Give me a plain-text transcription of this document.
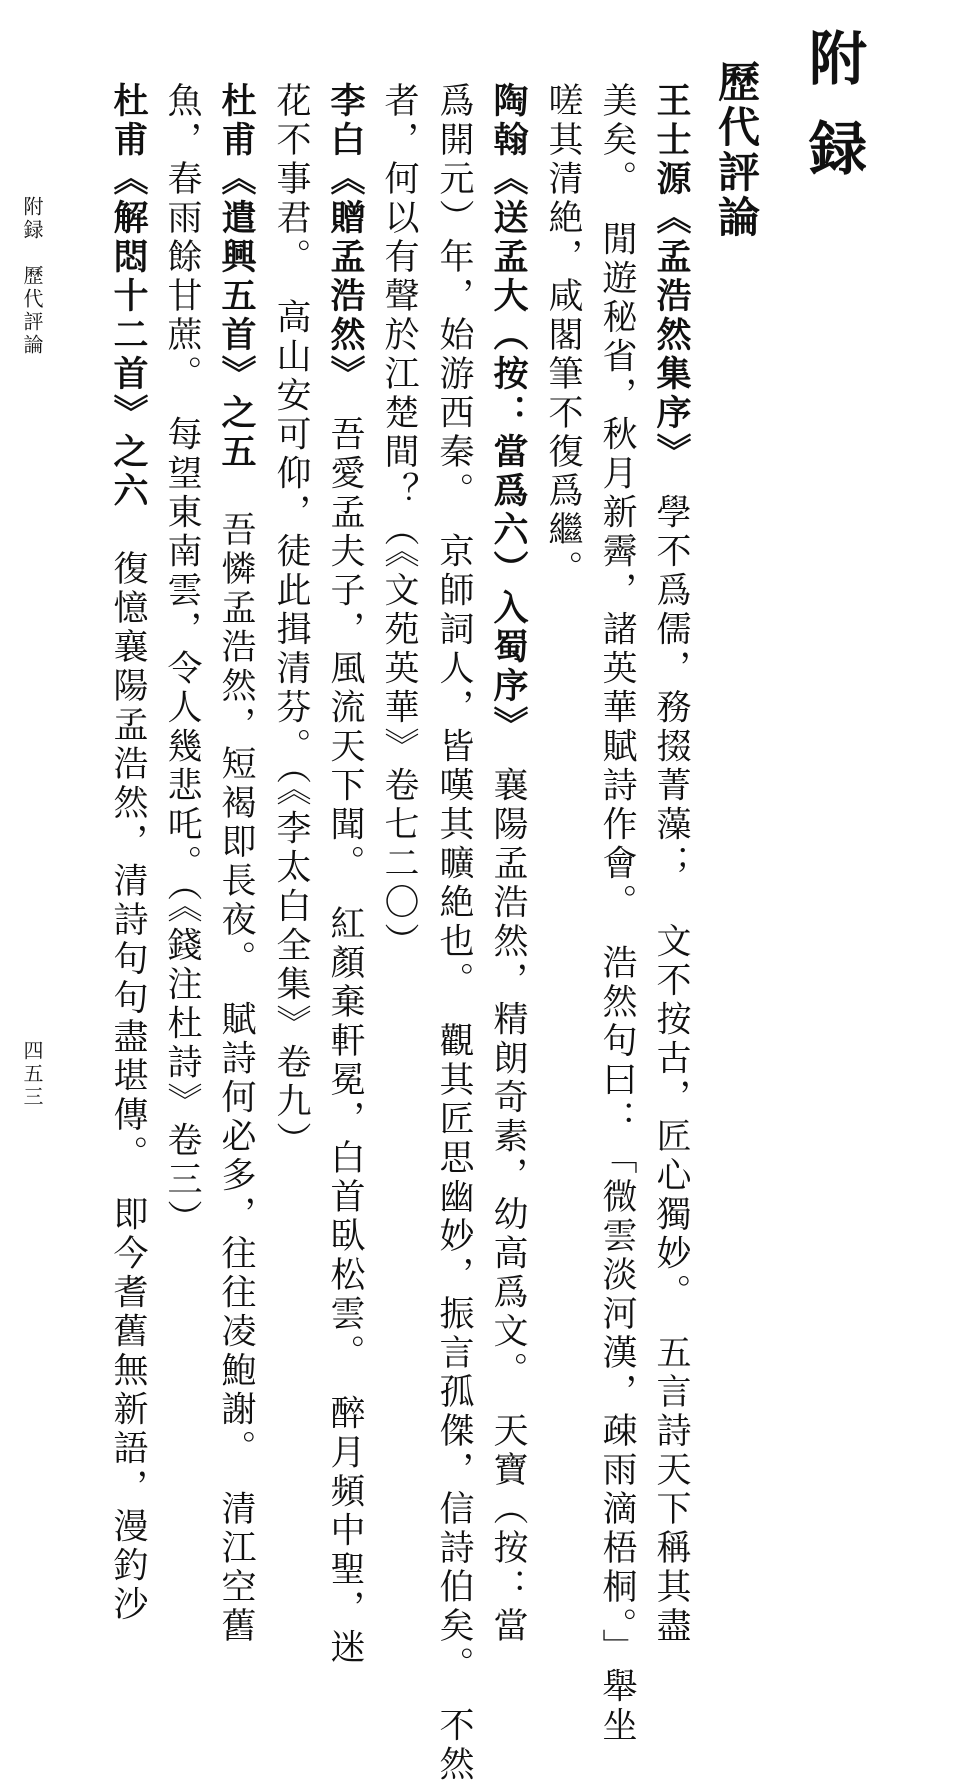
附録
歷代評論
王士源《孟浩然集序》　學不爲儒，務掇菁藻；　文不按古，匠心獨妙。　五言詩天下稱其盡
美矣。　閒遊秘省，秋月新霽，諸英華賦詩作會。　浩然句曰：「微雲淡河漢，疎雨滴梧桐。」舉坐
嗟其清絶，咸閣筆不復爲繼。
陶翰《送孟大（按：當爲六）入蜀序》　襄陽孟浩然，精朗奇素，幼高爲文。　天寶（按：當
爲開元）年，始游西秦。　京師詞人，皆嘆其曠絶也。　觀其匠思幽妙，振言孤傑，信詩伯矣。　不然
者，何以有聲於江楚間？（《文苑英華》卷七二〇）
李白《贈孟浩然》　吾愛孟夫子，風流天下聞。　紅顏棄軒冕，白首臥松雲。　醉月頻中聖，迷
花不事君。　高山安可仰，徒此揖清芬。（《李太白全集》卷九）
杜甫《遣興五首》之五　吾憐孟浩然，短褐即長夜。　賦詩何必多，往往凌鮑謝。　清江空舊
魚，春雨餘甘蔗。　每望東南雲，令人幾悲吒。（《錢注杜詩》卷三）
杜甫《解悶十二首》之六　復憶襄陽孟浩然，清詩句句盡堪傳。　即今耆舊無新語，漫釣沙
附録　歷代評論
四五三
